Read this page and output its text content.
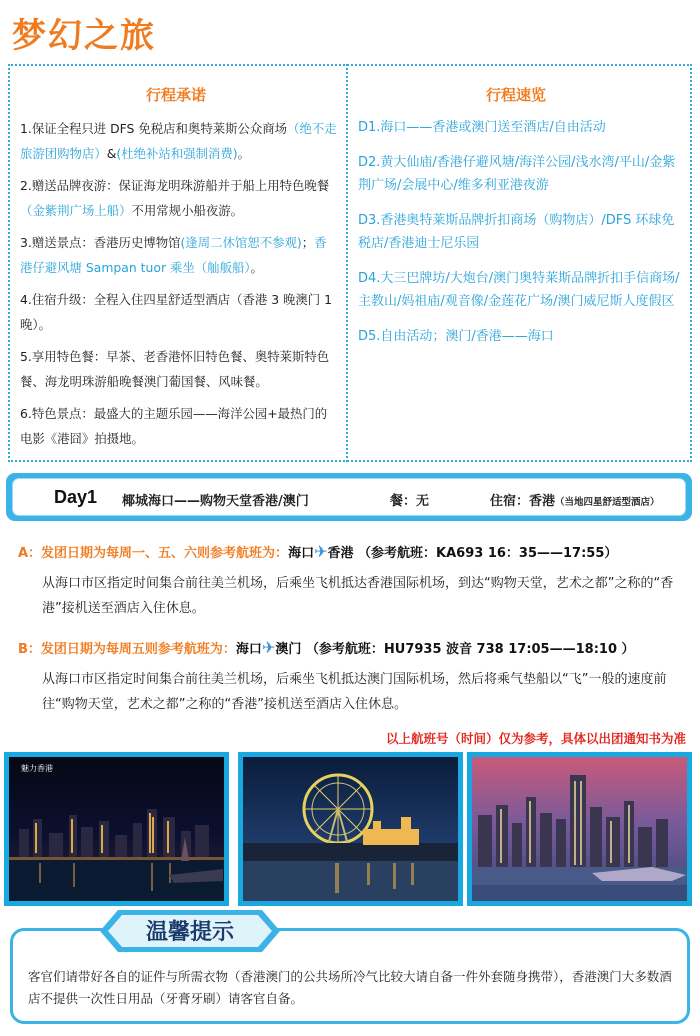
梦幻之旅
行程承诺	行程速览
1.保证全程只进 DFS 免税店和奥特莱斯公众商场（绝不走旅游团购物店）&(杜绝补站和强制消费)。
2.赠送品牌夜游：保证海龙明珠游船并于船上用特色晚餐（金紫荆广场上船）不用常规小船夜游。
3.赠送景点：香港历史博物馆(逢周二休馆恕不参观)；香港仔避风塘 Sampan tuor 乘坐（舢舨船）。
4.住宿升级：全程入住四星舒适型酒店（香港 3 晚澳门 1 晚）。
5.享用特色餐：早茶、老香港怀旧特色餐、奥特莱斯特色餐、海龙明珠游船晚餐澳门葡国餐、风味餐。
6.特色景点：最盛大的主题乐园——海洋公园+最热门的电影《港囧》拍摄地。
D1.海口——香港或澳门送至酒店/自由活动
D2.黄大仙庙/香港仔避风塘/海洋公园/浅水湾/平山/金紫荆广场/会展中心/维多利亚港夜游
D3.香港奥特莱斯品牌折扣商场（购物店）/DFS 环球免税店/香港迪士尼乐园
D4.大三巴牌坊/大炮台/澳门奥特莱斯品牌折扣手信商场/主教山/妈祖庙/观音像/金莲花广场/澳门威尼斯人度假区
D5.自由活动；澳门/香港——海口
Day1 椰城海口——购物天堂香港/澳门	餐：无	住宿：香港（当地四星舒适型酒店）
A：发团日期为每周一、五、六则参考航班为：海口✈香港 （参考航班：KA693 16：35——17:55）
从海口市区指定时间集合前往美兰机场，后乘坐飞机抵达香港国际机场，到达“购物天堂，艺术之都”之称的“香港”接机送至酒店入住休息。
B：发团日期为每周五则参考航班为：海口✈澳门 （参考航班：HU7935 波音 738 17:05——18:10 ）
从海口市区指定时间集合前往美兰机场，后乘坐飞机抵达澳门国际机场，然后将乘气垫船以“飞”一般的速度前往“购物天堂，艺术之都”之称的“香港”接机送至酒店入住休息。
以上航班号（时间）仅为参考，具体以出团通知书为准
魅力香港
温馨提示
客官们请带好各自的证件与所需衣物（香港澳门的公共场所冷气比较大请自备一件外套随身携带），香港澳门大多数酒店不提供一次性日用品（牙膏牙刷）请客官自备。
